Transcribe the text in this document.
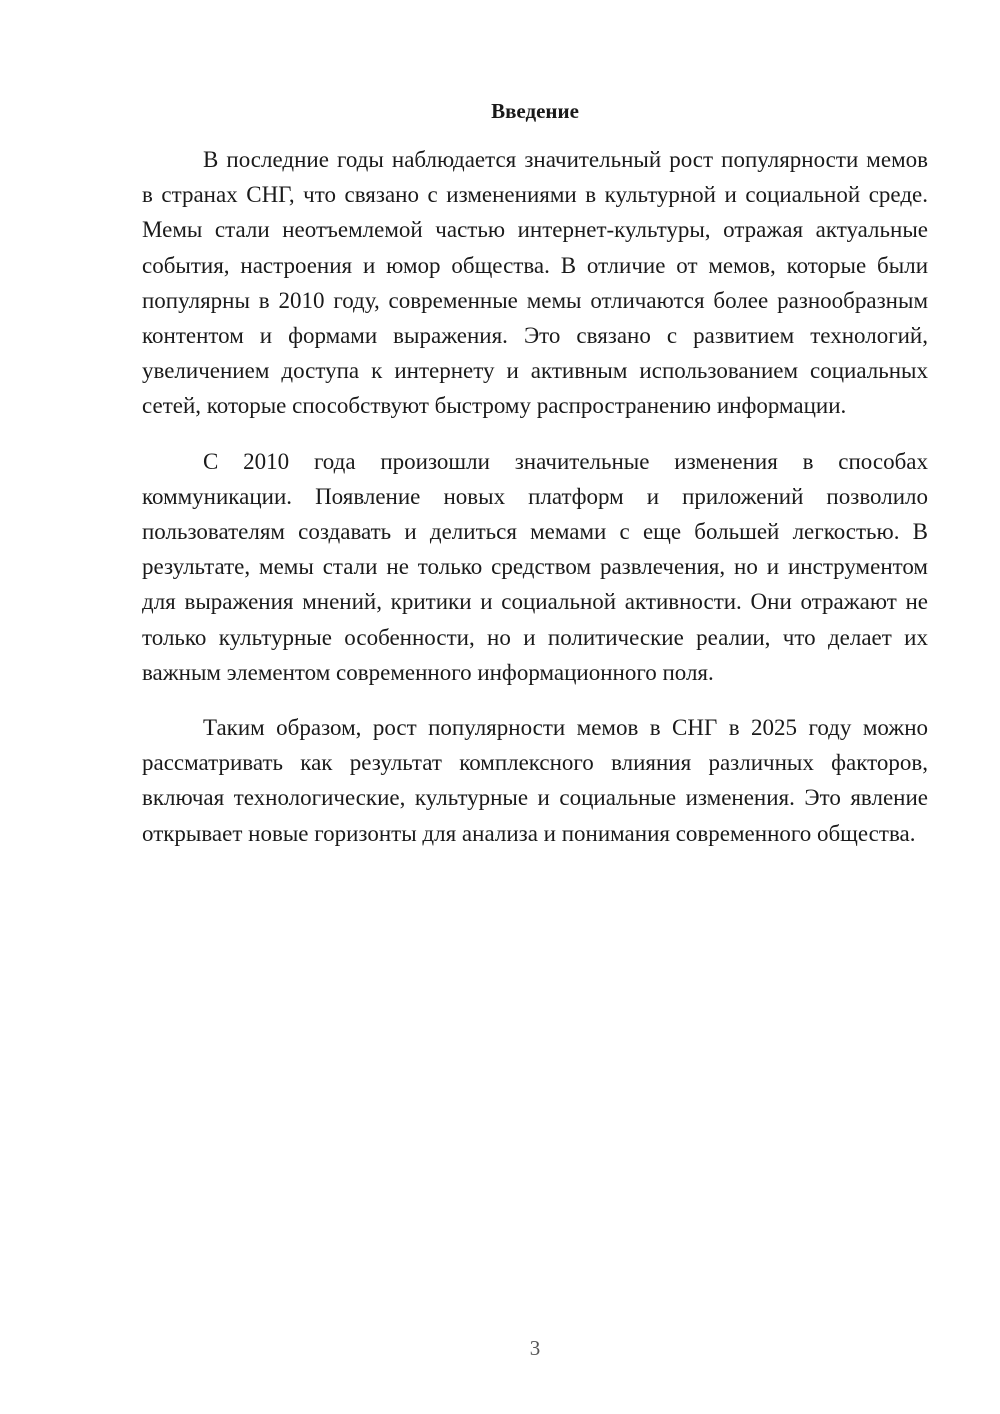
Введение

В последние годы наблюдается значительный рост популярности мемов в странах СНГ, что связано с изменениями в культурной и социальной среде. Мемы стали неотъемлемой частью интернет-культуры, отражая актуальные события, настроения и юмор общества. В отличие от мемов, которые были популярны в 2010 году, современные мемы отличаются более разнообразным контентом и формами выражения. Это связано с развитием технологий, увеличением доступа к интернету и активным использованием социальных сетей, которые способствуют быстрому распространению информации.

С 2010 года произошли значительные изменения в способах коммуникации. Появление новых платформ и приложений позволило пользователям создавать и делиться мемами с еще большей легкостью. В результате, мемы стали не только средством развлечения, но и инструментом для выражения мнений, критики и социальной активности. Они отражают не только культурные особенности, но и политические реалии, что делает их важным элементом современного информационного поля.

Таким образом, рост популярности мемов в СНГ в 2025 году можно рассматривать как результат комплексного влияния различных факторов, включая технологические, культурные и социальные изменения. Это явление открывает новые горизонты для анализа и понимания современного общества.

3
